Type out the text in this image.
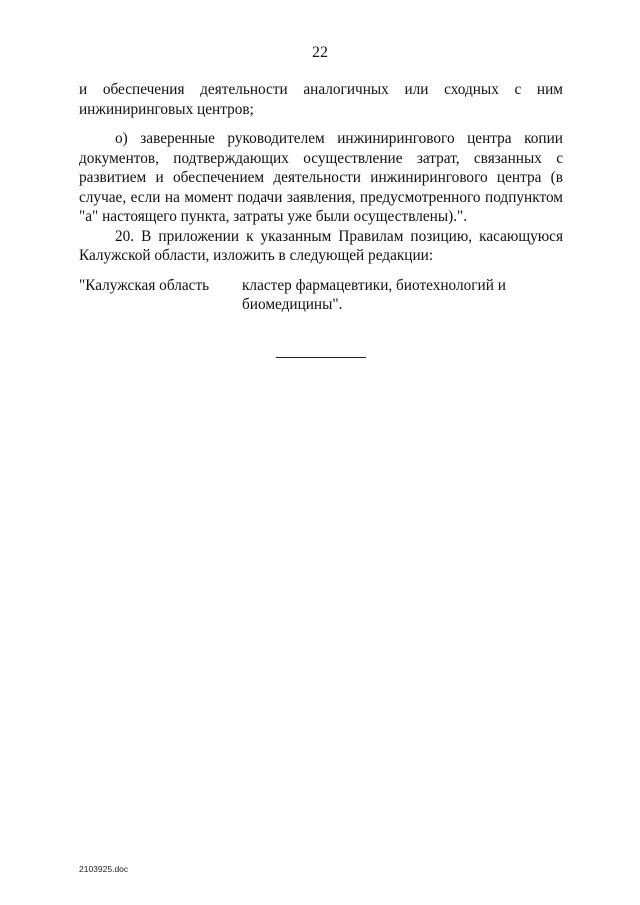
22

и обеспечения деятельности аналогичных или сходных с ним инжиниринговых центров;

о) заверенные руководителем инжинирингового центра копии документов, подтверждающих осуществление затрат, связанных с развитием и обеспечением деятельности инжинирингового центра (в случае, если на момент подачи заявления, предусмотренного подпунктом "а" настоящего пункта, затраты уже были осуществлены).".

20. В приложении к указанным Правилам позицию, касающуюся Калужской области, изложить в следующей редакции:

"Калужская область	кластер фармацевтики, биотехнологий и биомедицины".
2103925.doc
